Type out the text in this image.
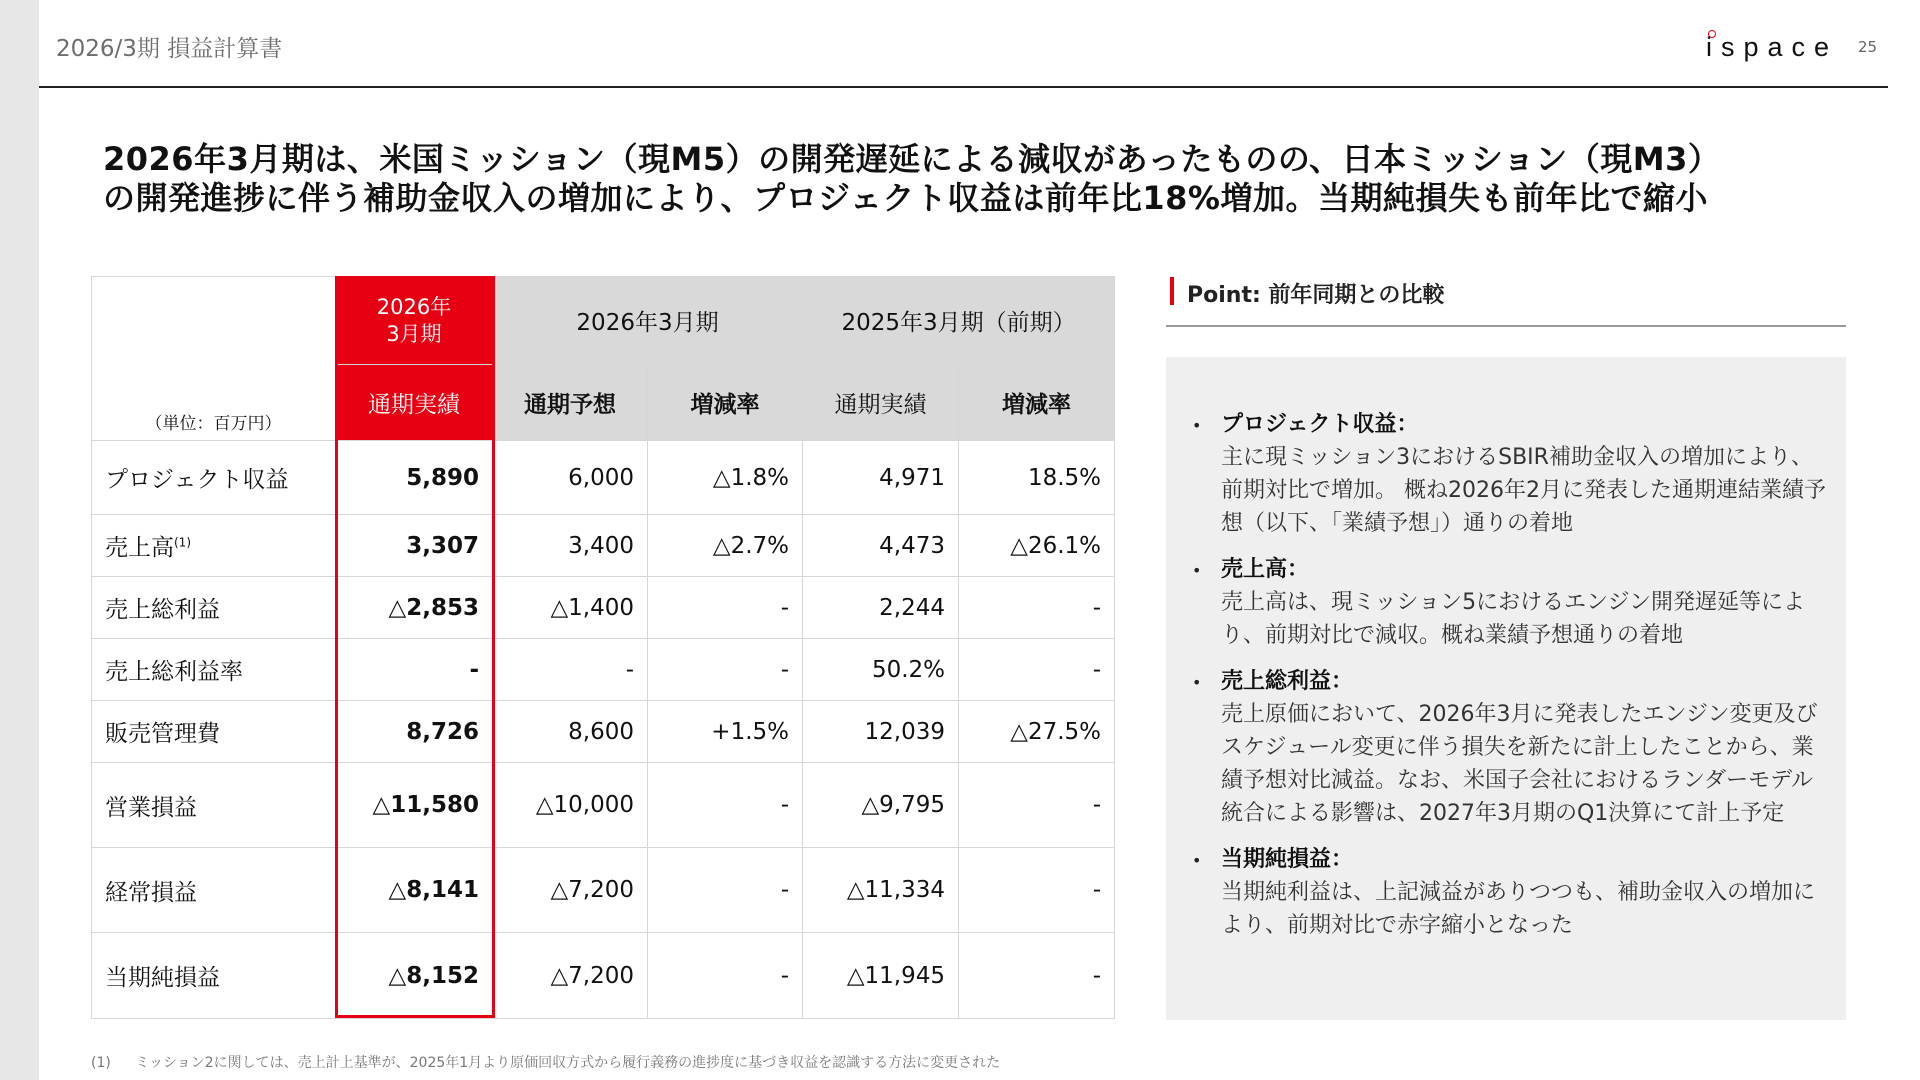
2026/3期 損益計算書	ispace 25
2026年3月期は、米国ミッション（現M5）の開発遅延による減収があったものの、日本ミッション（現M3）
の開発進捗に伴う補助金収入の増加により、プロジェクト収益は前年比18%増加。当期純損失も前年比で縮小
（単位：百万円）	2026年
3月期	2026年3月期		2025年3月期（前期）	
	通期実績	通期予想	増減率	通期実績	増減率
プロジェクト収益	5,890	6,000	△1.8%	4,971	18.5%
売上高$^{(1)}$	3,307	3,400	△2.7%	4,473	△26.1%
売上総利益	△2,853	△1,400	-	2,244	-
売上総利益率	-	-	-	50.2%	-
販売管理費	8,726	8,600	+1.5%	12,039	△27.5%
営業損益	△11,580	△10,000	-	△9,795	-
経常損益	△8,141	△7,200	-	△11,334	-
当期純損益	△8,152	△7,200	-	△11,945	-
Point: 前年同期との比較
• プロジェクト収益：
主に現ミッション3におけるSBIR補助金収入の増加により、前期対比で増加。 概ね2026年2月に発表した通期連結業績予想（以下、「業績予想」）通りの着地
• 売上高：
売上高は、現ミッション5におけるエンジン開発遅延等により、前期対比で減収。概ね業績予想通りの着地
• 売上総利益：
売上原価において、2026年3月に発表したエンジン変更及びスケジュール変更に伴う損失を新たに計上したことから、業績予想対比減益。なお、米国子会社におけるランダーモデル統合による影響は、2027年3月期のQ1決算にて計上予定
• 当期純損益：
当期純利益は、上記減益がありつつも、補助金収入の増加により、前期対比で赤字縮小となった
(1) ミッション2に関しては、売上計上基準が、2025年1月より原価回収方式から履行義務の進捗度に基づき収益を認識する方法に変更された
